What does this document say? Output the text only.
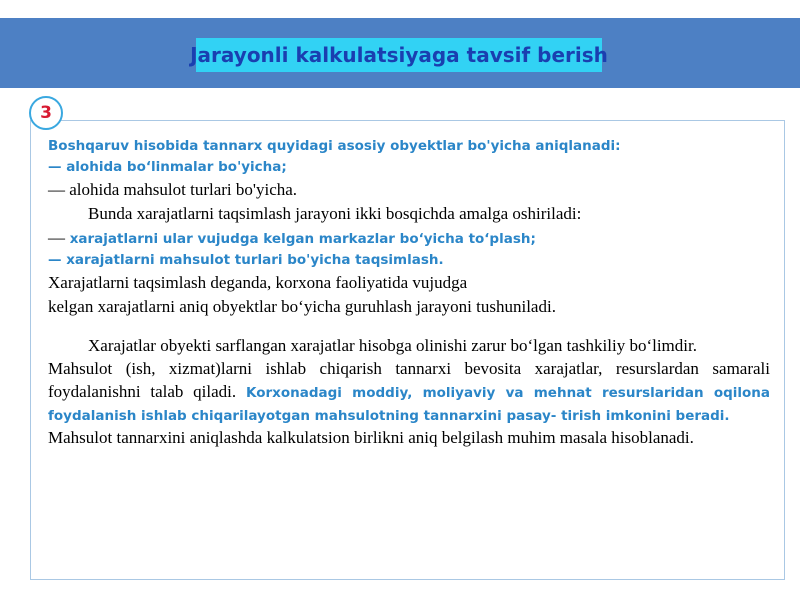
Jarayonli kalkulatsiyaga tavsif berish
3
Boshqaruv hisobida tannarx quyidagi asosiy obyektlar bo'yicha aniqlanadi:
— alohida bo‘linmalar bo'yicha;
— alohida mahsulot turlari bo'yicha.
Bunda xarajatlarni taqsimlash jarayoni ikki bosqichda amalga oshiriladi:
— xarajatlarni ular vujudga kelgan markazlar bo‘yicha to‘plash;
— xarajatlarni mahsulot turlari bo'yicha taqsimlash.
Xarajatlarni taqsimlash deganda, korxona faoliyatida vujudga
kelgan xarajatlarni aniq obyektlar bo‘yicha guruhlash jarayoni tushuniladi.
Xarajatlar obyekti sarflangan xarajatlar hisobga olinishi zarur bo‘lgan tashkiliy bo‘limdir.
Mahsulot (ish, xizmat)larni ishlab chiqarish tannarxi bevosita xarajatlar, resurslardan samarali foydalanishni talab qiladi. Korxonadagi moddiy, moliyaviy va mehnat resurslaridan oqilona foydalanish ishlab chiqarilayotgan mahsulotning tannarxini pasay- tirish imkonini beradi.
Mahsulot tannarxini aniqlashda kalkulatsion birlikni aniq belgilash muhim masala hisoblanadi.
